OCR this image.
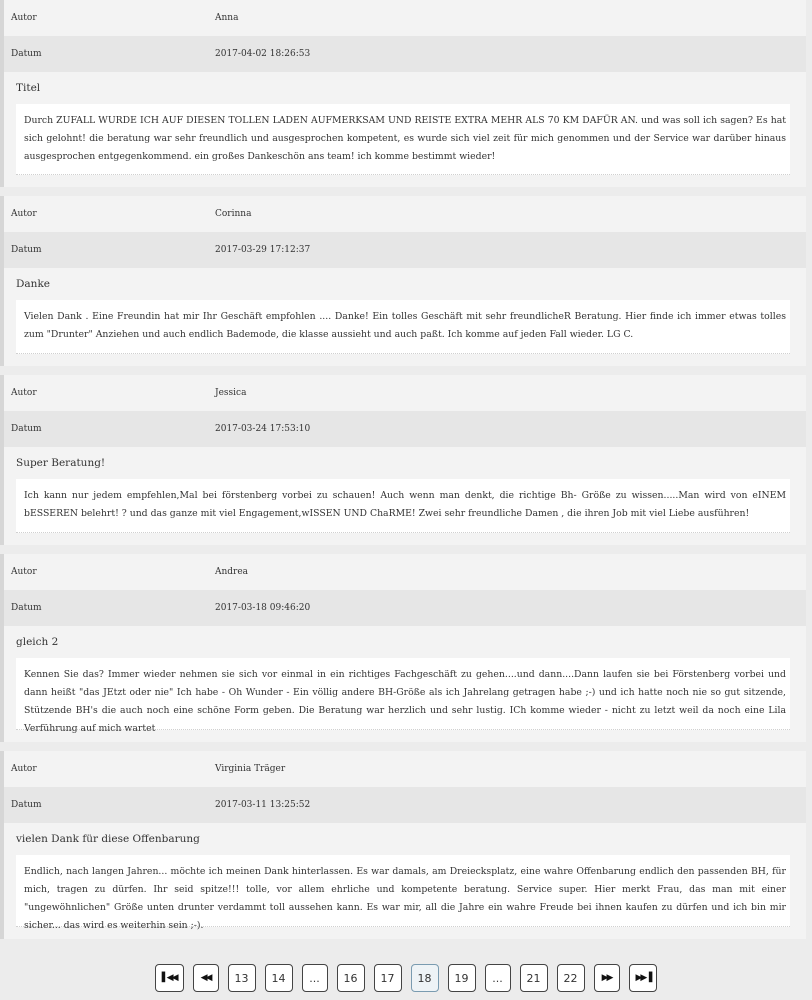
Autor	Anna
Datum	2017-04-02 18:26:53
Titel
Durch ZUFALL WURDE ICH AUF DIESEN TOLLEN LADEN AUFMERKSAM UND REISTE EXTRA MEHR ALS 70 KM DAFÜR AN. und was soll ich sagen? Es hat sich gelohnt! die beratung war sehr freundlich und ausgesprochen kompetent, es wurde sich viel zeit für mich genommen und der Service war darüber hinaus ausgesprochen entgegenkommend. ein großes Dankeschön ans team! ich komme bestimmt wieder!
Autor	Corinna
Datum	2017-03-29 17:12:37
Danke
Vielen Dank . Eine Freundin hat mir Ihr Geschäft empfohlen .... Danke! Ein tolles Geschäft mit sehr freundlicheR Beratung. Hier finde ich immer etwas tolles zum "Drunter" Anziehen und auch endlich Bademode, die klasse aussieht und auch paßt. Ich komme auf jeden Fall wieder. LG C.
Autor	Jessica
Datum	2017-03-24 17:53:10
Super Beratung!
Ich kann nur jedem empfehlen,Mal bei förstenberg vorbei zu schauen! Auch wenn man denkt, die richtige Bh- Größe zu wissen.....Man wird von eINEM bESSEREN belehrt! ? und das ganze mit viel Engagement,wISSEN UND ChaRME! Zwei sehr freundliche Damen , die ihren Job mit viel Liebe ausführen!
Autor	Andrea
Datum	2017-03-18 09:46:20
gleich 2
Kennen Sie das? Immer wieder nehmen sie sich vor einmal in ein richtiges Fachgeschäft zu gehen....und dann....Dann laufen sie bei Förstenberg vorbei und dann heißt "das JEtzt oder nie" Ich habe - Oh Wunder - Ein völlig andere BH-Größe als ich Jahrelang getragen habe ;-) und ich hatte noch nie so gut sitzende, Stützende BH's die auch noch eine schöne Form geben. Die Beratung war herzlich und sehr lustig. ICh komme wieder - nicht zu letzt weil da noch eine Lila Verführung auf mich wartet
Autor	Virginia Träger
Datum	2017-03-11 13:25:52
vielen Dank für diese Offenbarung
Endlich, nach langen Jahren... möchte ich meinen Dank hinterlassen. Es war damals, am Dreiecksplatz, eine wahre Offenbarung endlich den passenden BH, für mich, tragen zu dürfen. Ihr seid spitze!!! tolle, vor allem ehrliche und kompetente beratung. Service super. Hier merkt Frau, das man mit einer "ungewöhnlichen" Größe unten drunter verdammt toll aussehen kann. Es war mir, all die Jahre ein wahre Freude bei ihnen kaufen zu dürfen und ich bin mir sicher... das wird es weiterhin sein ;-).
▌◀◀	◀◀	13	14	...	16	17	18	19	...	21	22	▶▶	▶▶▐
